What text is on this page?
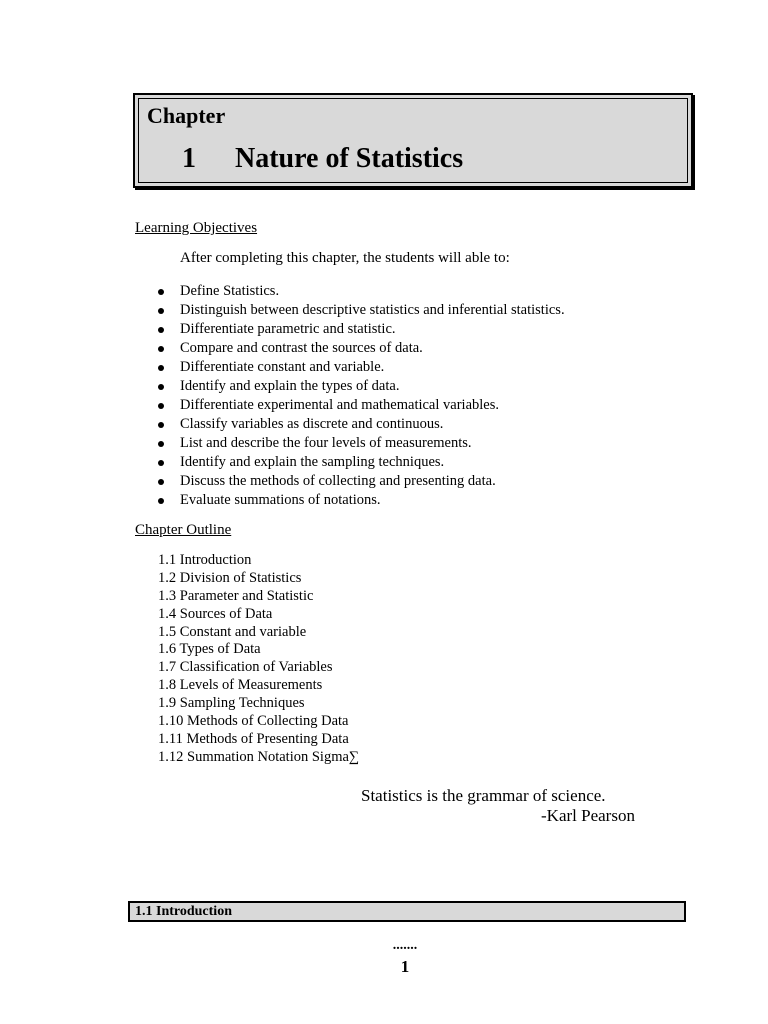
Chapter
1 Nature of Statistics
Learning Objectives
After completing this chapter, the students will able to:
Define Statistics.
Distinguish between descriptive statistics and inferential statistics.
Differentiate parametric and statistic.
Compare and contrast the sources of data.
Differentiate constant and variable.
Identify and explain the types of data.
Differentiate experimental and mathematical variables.
Classify variables as discrete and continuous.
List and describe the four levels of measurements.
Identify and explain the sampling techniques.
Discuss the methods of collecting and presenting data.
Evaluate summations of notations.
Chapter Outline
1.1 Introduction
1.2 Division of Statistics
1.3 Parameter and Statistic
1.4 Sources of Data
1.5 Constant and variable
1.6 Types of Data
1.7 Classification of Variables
1.8 Levels of Measurements
1.9 Sampling Techniques
1.10 Methods of Collecting Data
1.11 Methods of Presenting Data
1.12 Summation Notation Sigma∑
Statistics is the grammar of science.
-Karl Pearson
1.1 Introduction
.......
1
